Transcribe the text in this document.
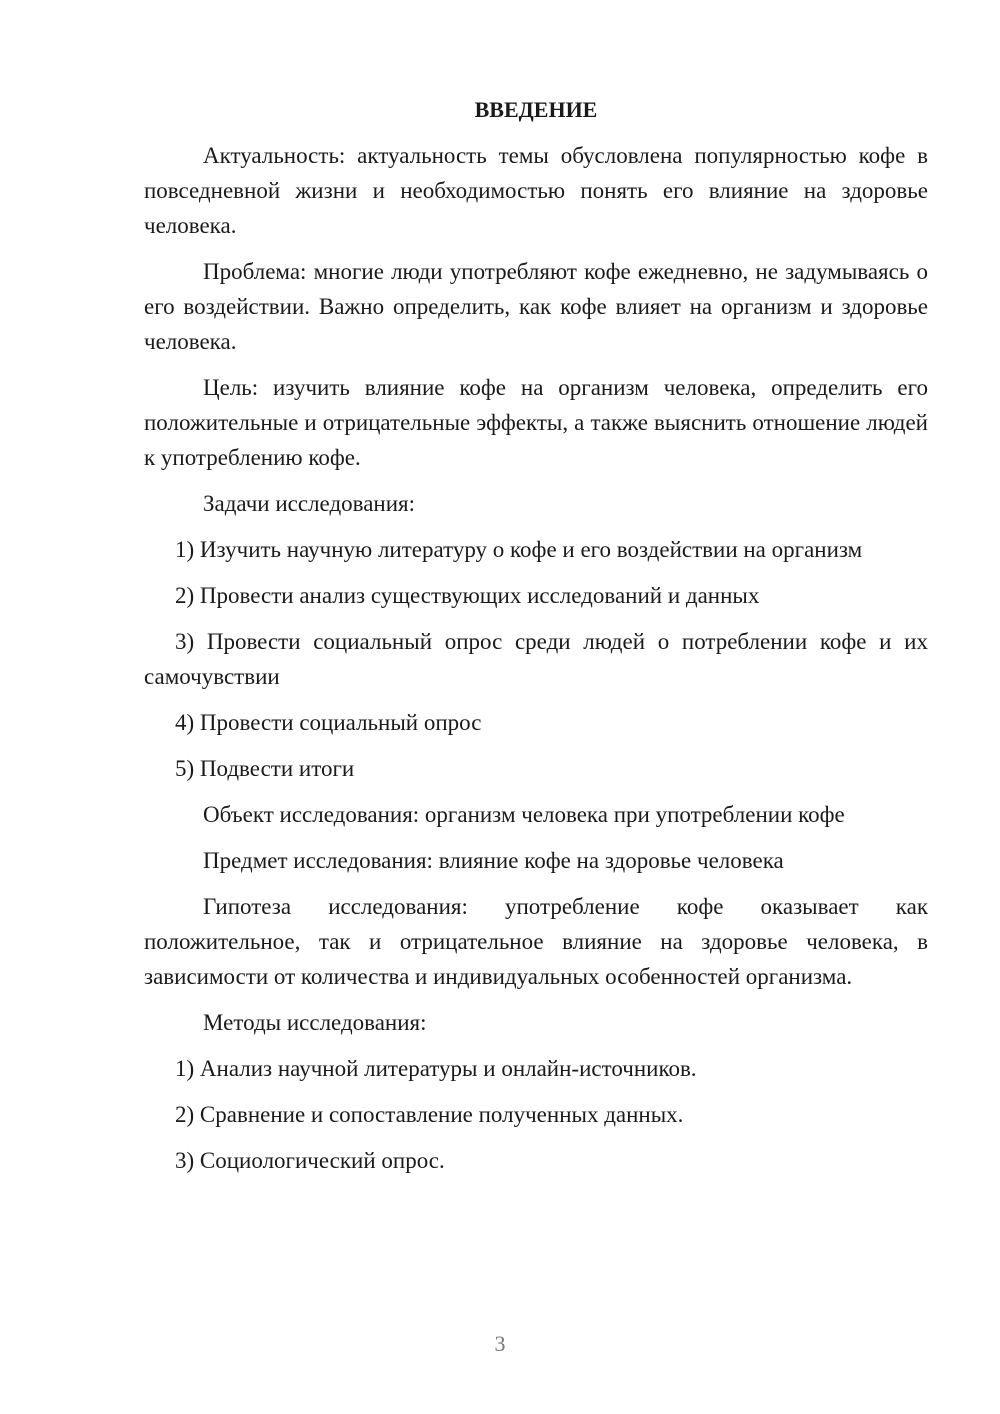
ВВЕДЕНИЕ
Актуальность: актуальность темы обусловлена популярностью кофе в повседневной жизни и необходимостью понять его влияние на здоровье человека.
Проблема: многие люди употребляют кофе ежедневно, не задумываясь о его воздействии. Важно определить, как кофе влияет на организм и здоровье человека.
Цель: изучить влияние кофе на организм человека, определить его положительные и отрицательные эффекты, а также выяснить отношение людей к употреблению кофе.
Задачи исследования:
1) Изучить научную литературу о кофе и его воздействии на организм
2) Провести анализ существующих исследований и данных
3) Провести социальный опрос среди людей о потреблении кофе и их самочувствии
4) Провести социальный опрос
5) Подвести итоги
Объект исследования: организм человека при употреблении кофе
Предмет исследования: влияние кофе на здоровье человека
Гипотеза исследования: употребление кофе оказывает как положительное, так и отрицательное влияние на здоровье человека, в зависимости от количества и индивидуальных особенностей организма.
Методы исследования:
1) Анализ научной литературы и онлайн-источников.
2) Сравнение и сопоставление полученных данных.
3) Социологический опрос.
3
